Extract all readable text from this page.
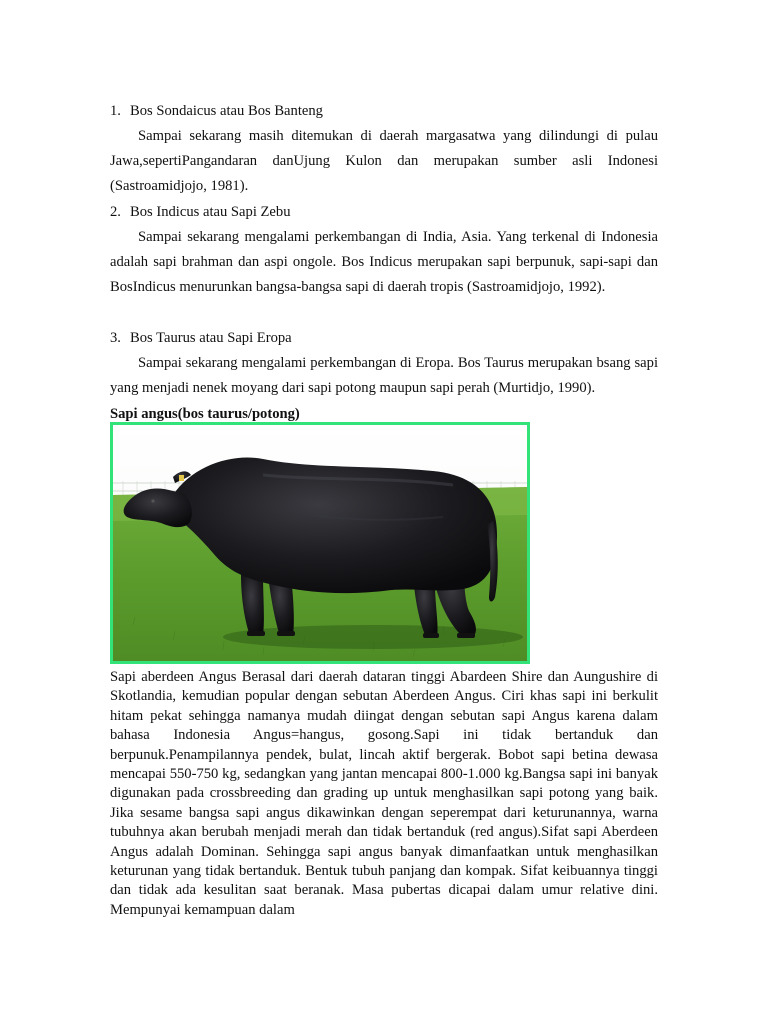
1. Bos Sondaicus atau Bos Banteng
Sampai sekarang masih ditemukan di daerah margasatwa yang dilindungi di pulau Jawa,sepertiPangandaran danUjung Kulon dan merupakan sumber asli Indonesi (Sastroamidjojo, 1981).
2. Bos Indicus atau Sapi Zebu
Sampai sekarang mengalami perkembangan di India, Asia. Yang terkenal di Indonesia adalah sapi brahman dan aspi ongole. Bos Indicus merupakan sapi berpunuk, sapi-sapi dan BosIndicus menurunkan bangsa-bangsa sapi di daerah tropis (Sastroamidjojo, 1992).
3. Bos Taurus atau Sapi Eropa
Sampai sekarang mengalami perkembangan di Eropa. Bos Taurus merupakan bsang sapi yang menjadi nenek moyang dari sapi potong maupun sapi perah (Murtidjo, 1990).
Sapi angus(bos taurus/potong)
Sapi aberdeen Angus Berasal dari daerah dataran tinggi Abardeen Shire dan Aungushire di Skotlandia, kemudian popular dengan sebutan Aberdeen Angus. Ciri khas sapi ini berkulit hitam pekat sehingga namanya mudah diingat dengan sebutan sapi Angus karena dalam bahasa Indonesia Angus=hangus, gosong.Sapi ini tidak bertanduk dan berpunuk.Penampilannya pendek, bulat, lincah aktif bergerak. Bobot sapi betina dewasa mencapai 550-750 kg, sedangkan yang jantan mencapai 800-1.000 kg.Bangsa sapi ini banyak digunakan pada crossbreeding dan grading up untuk menghasilkan sapi potong yang baik. Jika sesame bangsa sapi angus dikawinkan dengan seperempat dari keturunannya, warna tubuhnya akan berubah menjadi merah dan tidak bertanduk (red angus).Sifat sapi Aberdeen Angus adalah Dominan. Sehingga sapi angus banyak dimanfaatkan untuk menghasilkan keturunan yang tidak bertanduk. Bentuk tubuh panjang dan kompak. Sifat keibuannya tinggi dan tidak ada kesulitan saat beranak. Masa pubertas dicapai dalam umur relative dini. Mempunyai kemampuan dalam
